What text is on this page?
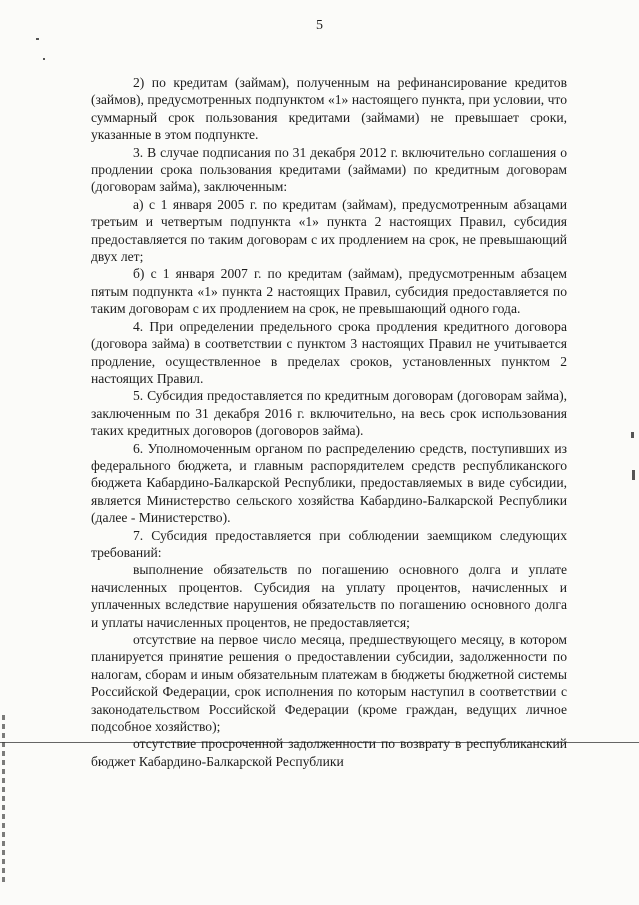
5

2) по кредитам (займам), полученным на рефинансирование кредитов (займов), предусмотренных подпунктом «1» настоящего пункта, при условии, что суммарный срок пользования кредитами (займами) не превышает сроки, указанные в этом подпункте.

3. В случае подписания по 31 декабря 2012 г. включительно соглашения о продлении срока пользования кредитами (займами) по кредитным договорам (договорам займа), заключенным:

а) с 1 января 2005 г. по кредитам (займам), предусмотренным абзацами третьим и четвертым подпункта «1» пункта 2 настоящих Правил, субсидия предоставляется по таким договорам с их продлением на срок, не превышающий двух лет;

б) с 1 января 2007 г. по кредитам (займам), предусмотренным абзацем пятым подпункта «1» пункта 2 настоящих Правил, субсидия предоставляется по таким договорам с их продлением на срок, не превышающий одного года.

4. При определении предельного срока продления кредитного договора (договора займа) в соответствии с пунктом 3 настоящих Правил не учитывается продление, осуществленное в пределах сроков, установленных пунктом 2 настоящих Правил.

5. Субсидия предоставляется по кредитным договорам (договорам займа), заключенным по 31 декабря 2016 г. включительно, на весь срок использования таких кредитных договоров (договоров займа).

6. Уполномоченным органом по распределению средств, поступивших из федерального бюджета, и главным распорядителем средств республиканского бюджета Кабардино-Балкарской Республики, предоставляемых в виде субсидии, является Министерство сельского хозяйства Кабардино-Балкарской Республики (далее - Министерство).

7. Субсидия предоставляется при соблюдении заемщиком следующих требований:

выполнение обязательств по погашению основного долга и уплате начисленных процентов. Субсидия на уплату процентов, начисленных и уплаченных вследствие нарушения обязательств по погашению основного долга и уплаты начисленных процентов, не предоставляется;

отсутствие на первое число месяца, предшествующего месяцу, в котором планируется принятие решения о предоставлении субсидии, задолженности по налогам, сборам и иным обязательным платежам в бюджеты бюджетной системы Российской Федерации, срок исполнения по которым наступил в соответствии с законодательством Российской Федерации (кроме граждан, ведущих личное подсобное хозяйство);

отсутствие просроченной задолженности по возврату в республиканский бюджет Кабардино-Балкарской Республики
